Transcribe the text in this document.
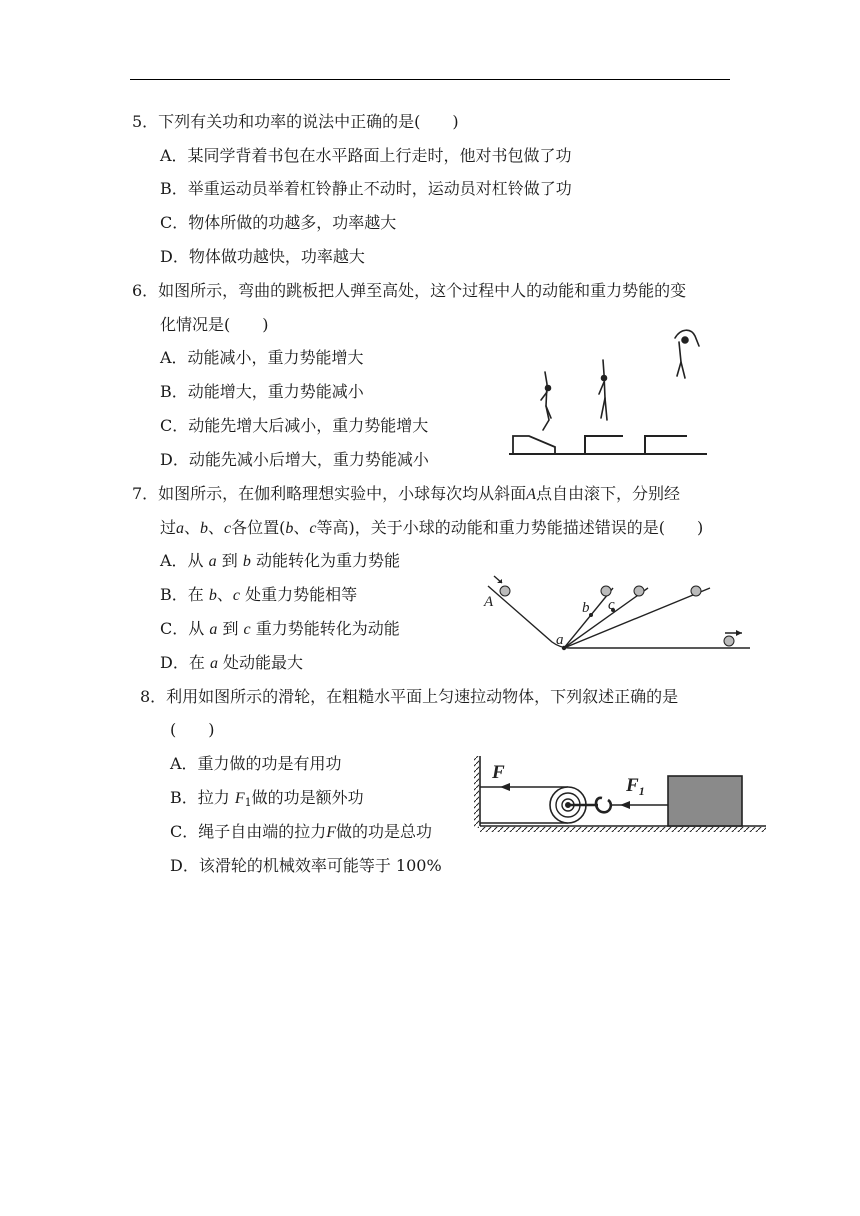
5．下列有关功和功率的说法中正确的是(　　)
A．某同学背着书包在水平路面上行走时，他对书包做了功
B．举重运动员举着杠铃静止不动时，运动员对杠铃做了功
C．物体所做的功越多，功率越大
D．物体做功越快，功率越大
6．如图所示，弯曲的跳板把人弹至高处，这个过程中人的动能和重力势能的变
化情况是(　　)
A．动能减小，重力势能增大
B．动能增大，重力势能减小
C．动能先增大后减小，重力势能增大
D．动能先减小后增大，重力势能减小
7．如图所示，在伽利略理想实验中，小球每次均从斜面A点自由滚下，分别经
过a、b、c各位置(b、c等高)，关于小球的动能和重力势能描述错误的是(　　)
A．从 a 到 b 动能转化为重力势能
B．在 b、c 处重力势能相等
C．从 a 到 c 重力势能转化为动能
D．在 a 处动能最大
A
a
b c
8．利用如图所示的滑轮，在粗糙水平面上匀速拉动物体，下列叙述正确的是
(　　)
A．重力做的功是有用功
B．拉力 $F_1$做的功是额外功
C．绳子自由端的拉力F做的功是总功
D．该滑轮的机械效率可能等于 100%
F
$F_1$
